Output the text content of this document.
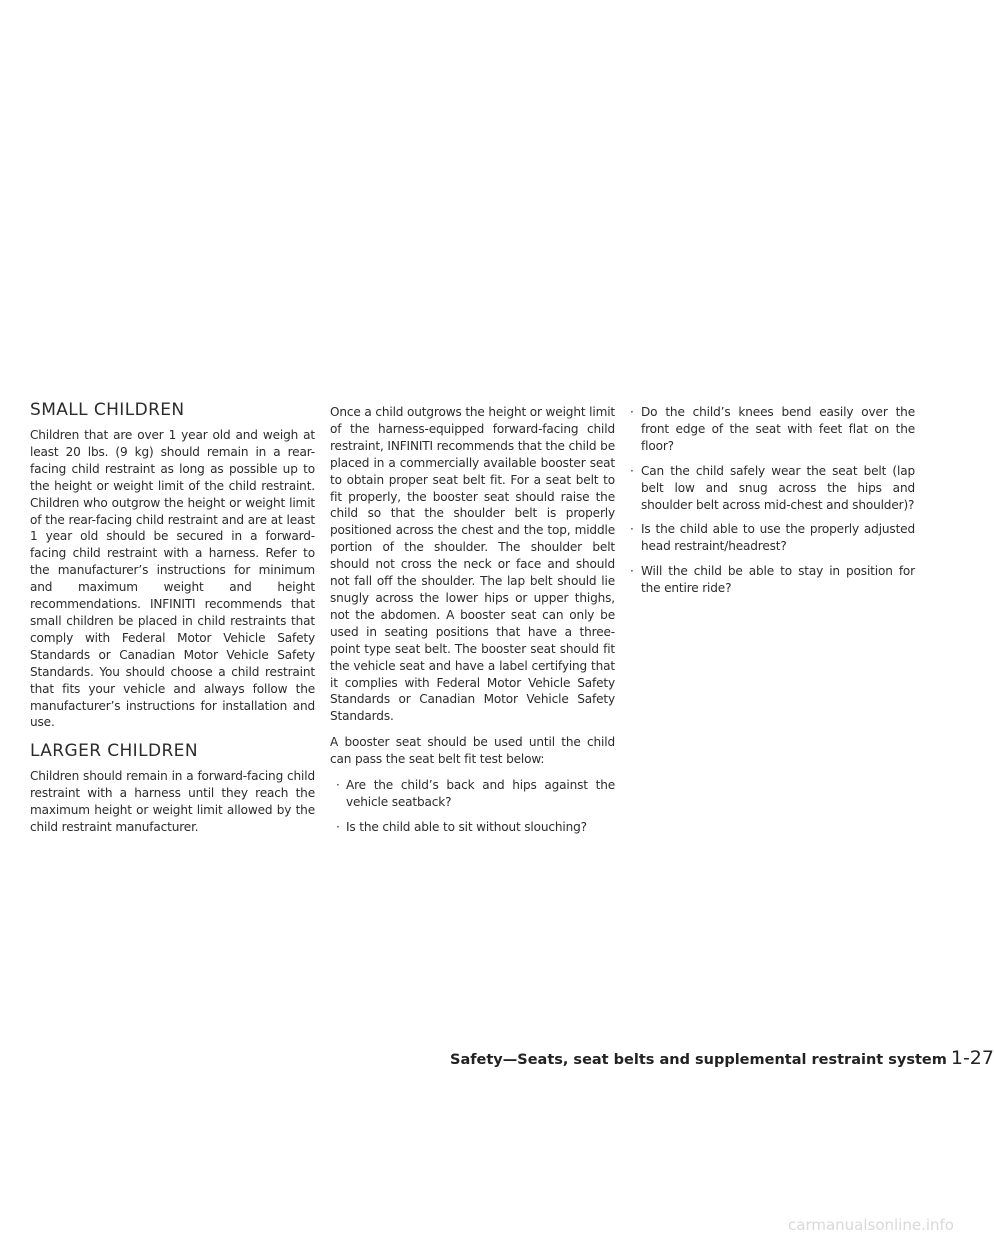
SMALL CHILDREN

Children that are over 1 year old and weigh at least 20 lbs. (9 kg) should remain in a rear-facing child restraint as long as possible up to the height or weight limit of the child restraint. Children who outgrow the height or weight limit of the rear-facing child restraint and are at least 1 year old should be secured in a forward-facing child restraint with a harness. Refer to the manufacturer’s instructions for minimum and maximum weight and height recommendations. INFINITI recommends that small children be placed in child restraints that comply with Federal Motor Vehicle Safety Standards or Canadian Motor Vehicle Safety Standards. You should choose a child restraint that fits your vehicle and always follow the manufacturer’s instructions for installation and use.

LARGER CHILDREN

Children should remain in a forward-facing child restraint with a harness until they reach the maximum height or weight limit allowed by the child restraint manufacturer.

Once a child outgrows the height or weight limit of the harness-equipped forward-facing child restraint, INFINITI recommends that the child be placed in a commercially available booster seat to obtain proper seat belt fit. For a seat belt to fit properly, the booster seat should raise the child so that the shoulder belt is properly positioned across the chest and the top, middle portion of the shoulder. The shoulder belt should not cross the neck or face and should not fall off the shoulder. The lap belt should lie snugly across the lower hips or upper thighs, not the abdomen. A booster seat can only be used in seating positions that have a three-point type seat belt. The booster seat should fit the vehicle seat and have a label certifying that it complies with Federal Motor Vehicle Safety Standards or Canadian Motor Vehicle Safety Standards.

A booster seat should be used until the child can pass the seat belt fit test below:

· Are the child’s back and hips against the vehicle seatback?
· Is the child able to sit without slouching?
· Do the child’s knees bend easily over the front edge of the seat with feet flat on the floor?
· Can the child safely wear the seat belt (lap belt low and snug across the hips and shoulder belt across mid-chest and shoulder)?
· Is the child able to use the properly adjusted head restraint/headrest?
· Will the child be able to stay in position for the entire ride?
Safety—Seats, seat belts and supplemental restraint system 1-27
carmanualsonline.info
